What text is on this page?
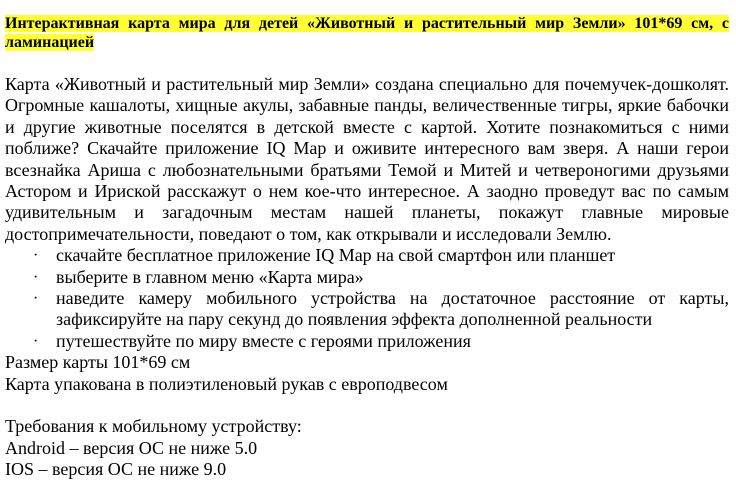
Интерактивная карта мира для детей «Животный и растительный мир Земли» 101*69 см, с ламинацией

Карта «Животный и растительный мир Земли» создана специально для почемучек-дошколят. Огромные кашалоты, хищные акулы, забавные панды, величественные тигры, яркие бабочки и другие животные поселятся в детской вместе с картой. Хотите познакомиться с ними поближе? Скачайте приложение IQ Map и оживите интересного вам зверя. А наши герои всезнайка Ариша с любознательными братьями Темой и Митей и четвероногими друзьями Астором и Ириской расскажут о нем кое-что интересное. А заодно проведут вас по самым удивительным и загадочным местам нашей планеты, покажут главные мировые достопримечательности, поведают о том, как открывали и исследовали Землю.

· скачайте бесплатное приложение IQ Map на свой смартфон или планшет
· выберите в главном меню «Карта мира»
· наведите камеру мобильного устройства на достаточное расстояние от карты, зафиксируйте на пару секунд до появления эффекта дополненной реальности
· путешествуйте по миру вместе с героями приложения

Размер карты 101*69 см

Карта упакована в полиэтиленовый рукав с европодвесом

Требования к мобильному устройству:

Android – версия ОС не ниже 5.0

IOS – версия ОС не ниже 9.0
